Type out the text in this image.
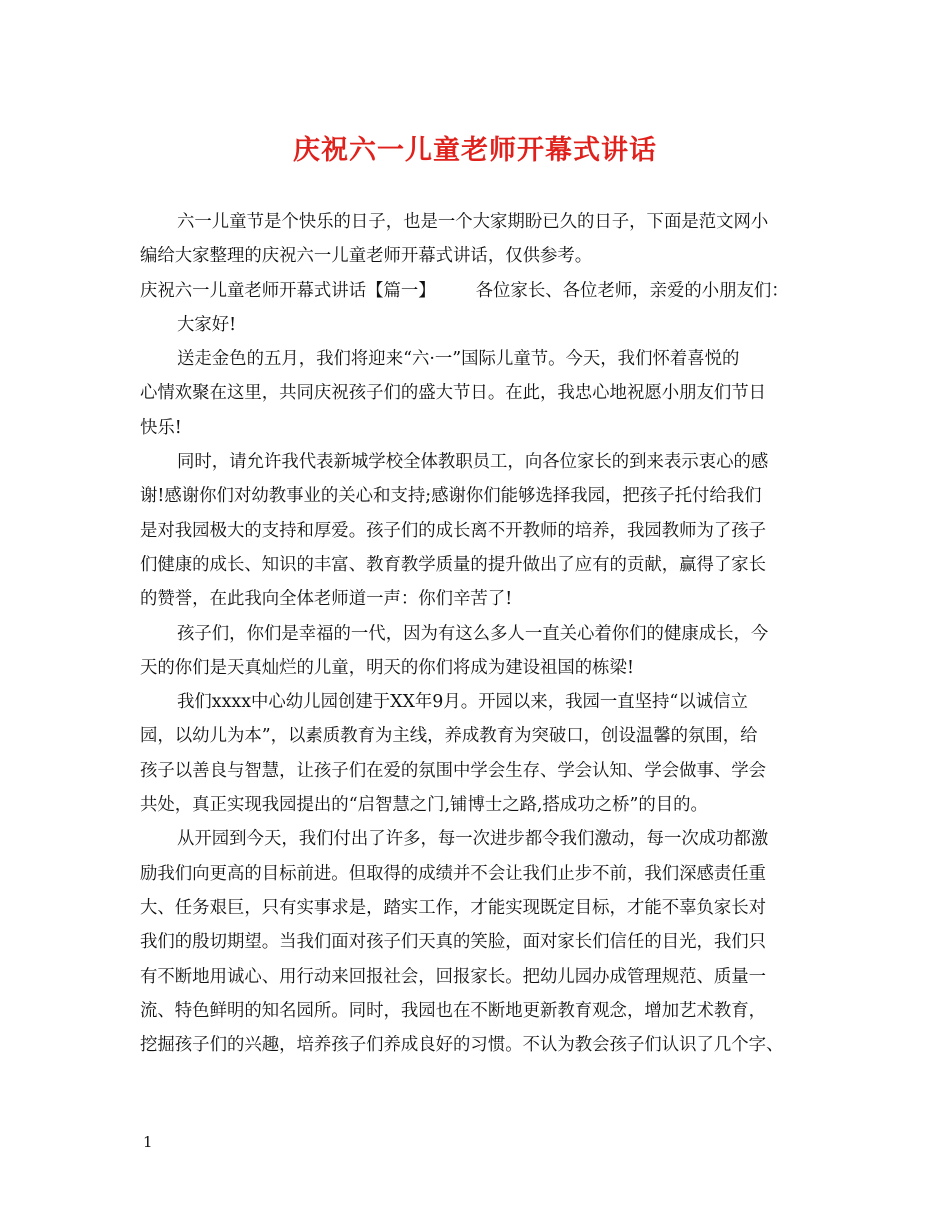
庆祝六一儿童老师开幕式讲话
六一儿童节是个快乐的日子，也是一个大家期盼已久的日子，下面是范文网小
编给大家整理的庆祝六一儿童老师开幕式讲话，仅供参考。
庆祝六一儿童老师开幕式讲话【篇一】 各位家长、各位老师，亲爱的小朋友们：
大家好!
送走金色的五月，我们将迎来“六·一”国际儿童节。今天，我们怀着喜悦的
心情欢聚在这里，共同庆祝孩子们的盛大节日。在此，我忠心地祝愿小朋友们节日
快乐!
同时，请允许我代表新城学校全体教职员工，向各位家长的到来表示衷心的感
谢!感谢你们对幼教事业的关心和支持;感谢你们能够选择我园，把孩子托付给我们
是对我园极大的支持和厚爱。孩子们的成长离不开教师的培养，我园教师为了孩子
们健康的成长、知识的丰富、教育教学质量的提升做出了应有的贡献，赢得了家长
的赞誉，在此我向全体老师道一声：你们辛苦了!
孩子们，你们是幸福的一代，因为有这么多人一直关心着你们的健康成长，今
天的你们是天真灿烂的儿童，明天的你们将成为建设祖国的栋梁!
我们xxxx中心幼儿园创建于XX年9月。开园以来，我园一直坚持“以诚信立
园，以幼儿为本”，以素质教育为主线，养成教育为突破口，创设温馨的氛围，给
孩子以善良与智慧，让孩子们在爱的氛围中学会生存、学会认知、学会做事、学会
共处，真正实现我园提出的“启智慧之门,铺博士之路,搭成功之桥”的目的。
从开园到今天，我们付出了许多，每一次进步都令我们激动，每一次成功都激
励我们向更高的目标前进。但取得的成绩并不会让我们止步不前，我们深感责任重
大、任务艰巨，只有实事求是，踏实工作，才能实现既定目标，才能不辜负家长对
我们的殷切期望。当我们面对孩子们天真的笑脸，面对家长们信任的目光，我们只
有不断地用诚心、用行动来回报社会，回报家长。把幼儿园办成管理规范、质量一
流、特色鲜明的知名园所。同时，我园也在不断地更新教育观念，增加艺术教育，
挖掘孩子们的兴趣，培养孩子们养成良好的习惯。不认为教会孩子们认识了几个字、
1
